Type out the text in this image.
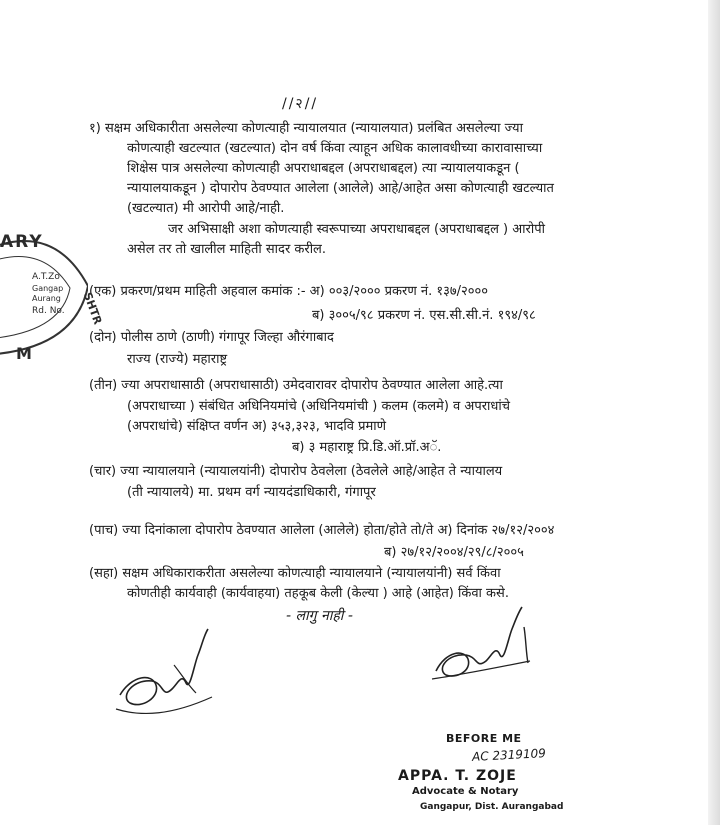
//२//
१) सक्षम अधिकारीता असलेल्या कोणत्याही न्यायालयात (न्यायालयात) प्रलंबित असलेल्या ज्या
कोणत्याही खटल्यात (खटल्यात) दोन वर्ष किंवा त्याहून अधिक कालावधीच्या कारावासाच्या
शिक्षेस पात्र असलेल्या कोणत्याही अपराधाबद्दल (अपराधाबद्दल) त्या न्यायालयाकडून (
न्यायालयाकडून ) दोपारोप ठेवण्यात आलेला (आलेले) आहे/आहेत असा कोणत्याही खटल्यात
(खटल्यात) मी आरोपी आहे/नाही.
जर अभिसाक्षी अशा कोणत्याही स्वरूपाच्या अपराधाबद्दल (अपराधाबद्दल ) आरोपी
असेल तर तो खालील माहिती सादर करील.
(एक) प्रकरण/प्रथम माहिती अहवाल कमांक :- अ) ००३/२००० प्रकरण नं. १३७/२०००
ब) ३००५/९८ प्रकरण नं. एस.सी.सी.नं. १९४/९८
(दोन) पोलीस ठाणे (ठाणी) गंगापूर जिल्हा औरंगाबाद
राज्य (राज्ये) महाराष्ट्र
(तीन) ज्या अपराधासाठी (अपराधासाठी) उमेदवारावर दोपारोप ठेवण्यात आलेला आहे.त्या
(अपराधाच्या ) संबंधित अधिनियमांचे (अधिनियमांची ) कलम (कलमे) व अपराधांचे
(अपराधांचे) संक्षिप्त वर्णन अ) ३५३,३२३, भादवि प्रमाणे
ब) ३ महाराष्ट्र प्रि.डि.ऑ.प्रॉ.अॅ.
(चार) ज्या न्यायालयाने (न्यायालयांनी) दोपारोप ठेवलेला (ठेवलेले आहे/आहेत ते न्यायालय
(ती न्यायालये) मा. प्रथम वर्ग न्यायदंडाधिकारी, गंगापूर
(पाच) ज्या दिनांकाला दोपारोप ठेवण्यात आलेला (आलेले) होता/होते तो/ते अ) दिनांक २७/१२/२००४
ब) २७/१२/२००४/२९/८/२००५
(सहा) सक्षम अधिकाराकरीता असलेल्या कोणत्याही न्यायालयाने (न्यायालयांनी) सर्व किंवा
कोणतीही कार्यवाही (कार्यवाहया) तहकूब केली (केल्या ) आहे (आहेत) किंवा कसे.
- लागु नाही -
ARY
A.T.Zo
Gangap
Aurang
Rd. No.
M
SHTR
BEFORE ME
AC 2319109
APPA. T. ZOJE
Advocate & Notary
Gangapur, Dist. Aurangabad
